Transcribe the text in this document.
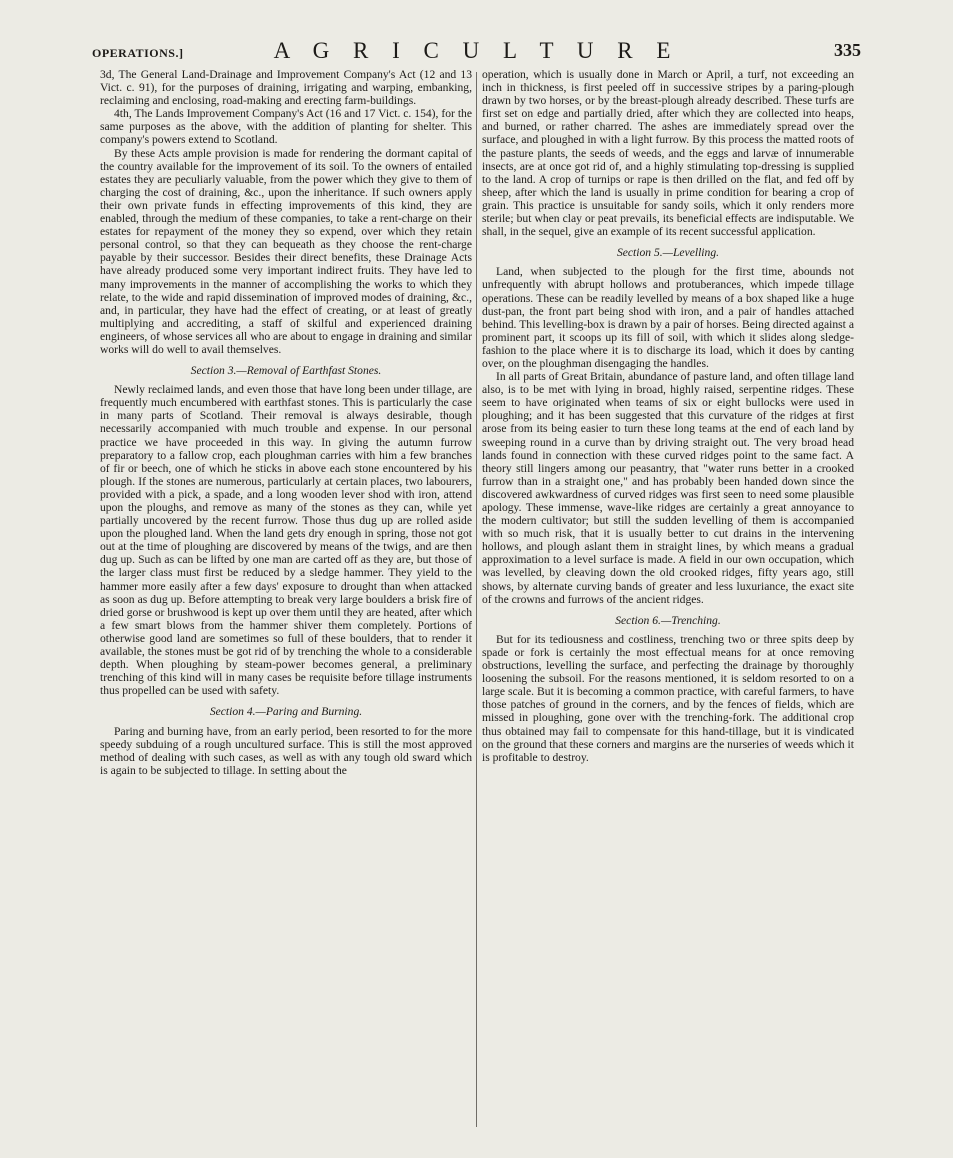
OPERATIONS.]	A G R I C U L T U R E	335

3d, The General Land-Drainage and Improvement Company's Act (12 and 13 Vict. c. 91), for the purposes of draining, irrigating and warping, embanking, reclaiming and enclosing, road-making and erecting farm-buildings.

4th, The Lands Improvement Company's Act (16 and 17 Vict. c. 154), for the same purposes as the above, with the addition of planting for shelter. This company's powers extend to Scotland.

By these Acts ample provision is made for rendering the dormant capital of the country available for the improvement of its soil. To the owners of entailed estates they are peculiarly valuable, from the power which they give to them of charging the cost of draining, &c., upon the inheritance. If such owners apply their own private funds in effecting improvements of this kind, they are enabled, through the medium of these companies, to take a rent-charge on their estates for repayment of the money they so expend, over which they retain personal control, so that they can bequeath as they choose the rent-charge payable by their successor. Besides their direct benefits, these Drainage Acts have already produced some very important indirect fruits. They have led to many improvements in the manner of accomplishing the works to which they relate, to the wide and rapid dissemination of improved modes of draining, &c., and, in particular, they have had the effect of creating, or at least of greatly multiplying and accrediting, a staff of skilful and experienced draining engineers, of whose services all who are about to engage in draining and similar works will do well to avail themselves.

Section 3.—Removal of Earthfast Stones.

Newly reclaimed lands, and even those that have long been under tillage, are frequently much encumbered with earthfast stones. This is particularly the case in many parts of Scotland. Their removal is always desirable, though necessarily accompanied with much trouble and expense. In our personal practice we have proceeded in this way. In giving the autumn furrow preparatory to a fallow crop, each ploughman carries with him a few branches of fir or beech, one of which he sticks in above each stone encountered by his plough. If the stones are numerous, particularly at certain places, two labourers, provided with a pick, a spade, and a long wooden lever shod with iron, attend upon the ploughs, and remove as many of the stones as they can, while yet partially uncovered by the recent furrow. Those thus dug up are rolled aside upon the ploughed land. When the land gets dry enough in spring, those not got out at the time of ploughing are discovered by means of the twigs, and are then dug up. Such as can be lifted by one man are carted off as they are, but those of the larger class must first be reduced by a sledge hammer. They yield to the hammer more easily after a few days' exposure to drought than when attacked as soon as dug up. Before attempting to break very large boulders a brisk fire of dried gorse or brushwood is kept up over them until they are heated, after which a few smart blows from the hammer shiver them completely. Portions of otherwise good land are sometimes so full of these boulders, that to render it available, the stones must be got rid of by trenching the whole to a considerable depth. When ploughing by steam-power becomes general, a preliminary trenching of this kind will in many cases be requisite before tillage instruments thus propelled can be used with safety.

Section 4.—Paring and Burning.

Paring and burning have, from an early period, been resorted to for the more speedy subduing of a rough uncultured surface. This is still the most approved method of dealing with such cases, as well as with any tough old sward which is again to be subjected to tillage. In setting about the

operation, which is usually done in March or April, a turf, not exceeding an inch in thickness, is first peeled off in successive stripes by a paring-plough drawn by two horses, or by the breast-plough already described. These turfs are first set on edge and partially dried, after which they are collected into heaps, and burned, or rather charred. The ashes are immediately spread over the surface, and ploughed in with a light furrow. By this process the matted roots of the pasture plants, the seeds of weeds, and the eggs and larvæ of innumerable insects, are at once got rid of, and a highly stimulating top-dressing is supplied to the land. A crop of turnips or rape is then drilled on the flat, and fed off by sheep, after which the land is usually in prime condition for bearing a crop of grain. This practice is unsuitable for sandy soils, which it only renders more sterile; but when clay or peat prevails, its beneficial effects are indisputable. We shall, in the sequel, give an example of its recent successful application.

Section 5.—Levelling.

Land, when subjected to the plough for the first time, abounds not unfrequently with abrupt hollows and protuberances, which impede tillage operations. These can be readily levelled by means of a box shaped like a huge dust-pan, the front part being shod with iron, and a pair of handles attached behind. This levelling-box is drawn by a pair of horses. Being directed against a prominent part, it scoops up its fill of soil, with which it slides along sledge-fashion to the place where it is to discharge its load, which it does by canting over, on the ploughman disengaging the handles.

In all parts of Great Britain, abundance of pasture land, and often tillage land also, is to be met with lying in broad, highly raised, serpentine ridges. These seem to have originated when teams of six or eight bullocks were used in ploughing; and it has been suggested that this curvature of the ridges at first arose from its being easier to turn these long teams at the end of each land by sweeping round in a curve than by driving straight out. The very broad head lands found in connection with these curved ridges point to the same fact. A theory still lingers among our peasantry, that "water runs better in a crooked furrow than in a straight one," and has probably been handed down since the discovered awkwardness of curved ridges was first seen to need some plausible apology. These immense, wave-like ridges are certainly a great annoyance to the modern cultivator; but still the sudden levelling of them is accompanied with so much risk, that it is usually better to cut drains in the intervening hollows, and plough aslant them in straight lines, by which means a gradual approximation to a level surface is made. A field in our own occupation, which was levelled, by cleaving down the old crooked ridges, fifty years ago, still shows, by alternate curving bands of greater and less luxuriance, the exact site of the crowns and furrows of the ancient ridges.

Section 6.—Trenching.

But for its tediousness and costliness, trenching two or three spits deep by spade or fork is certainly the most effectual means for at once removing obstructions, levelling the surface, and perfecting the drainage by thoroughly loosening the subsoil. For the reasons mentioned, it is seldom resorted to on a large scale. But it is becoming a common practice, with careful farmers, to have those patches of ground in the corners, and by the fences of fields, which are missed in ploughing, gone over with the trenching-fork. The additional crop thus obtained may fail to compensate for this hand-tillage, but it is vindicated on the ground that these corners and margins are the nurseries of weeds which it is profitable to destroy.
